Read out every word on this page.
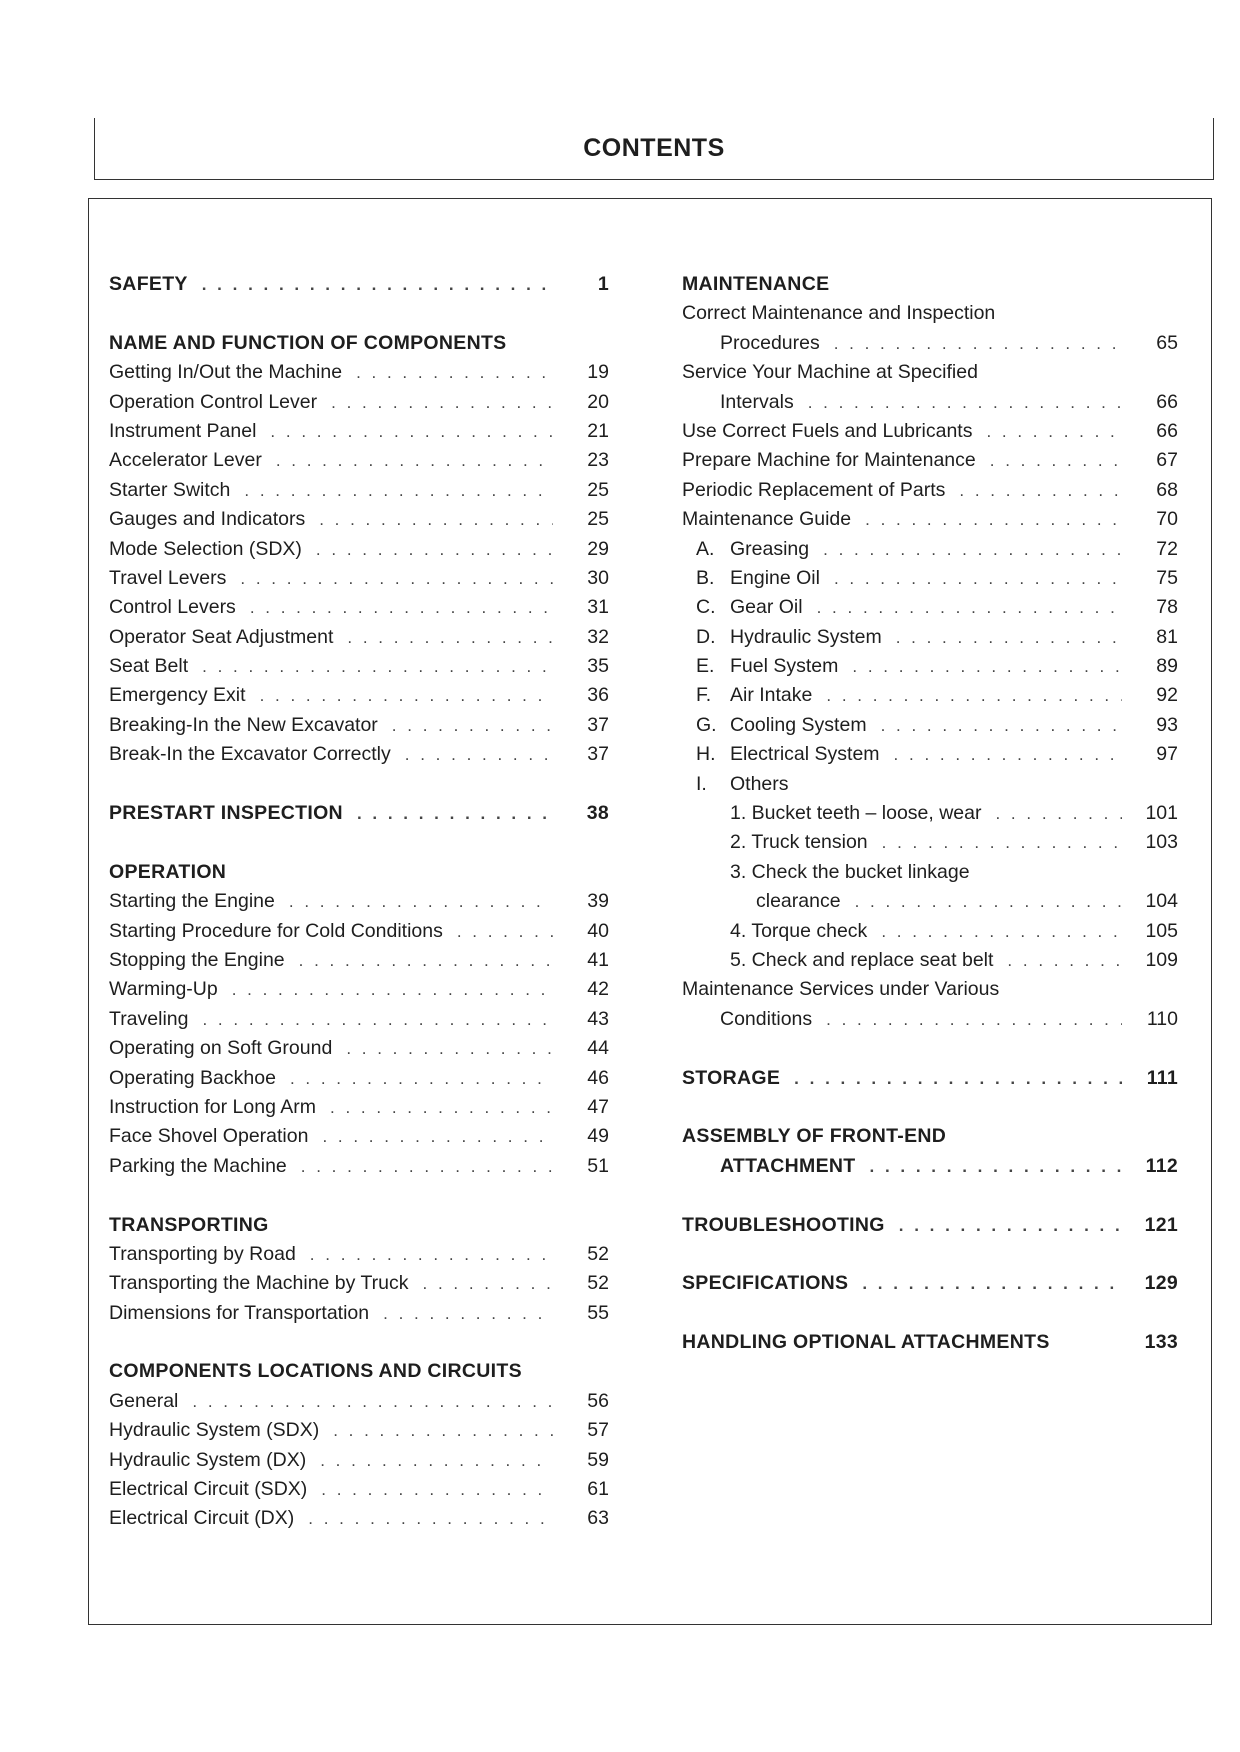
CONTENTS
SAFETY . . .	1
NAME AND FUNCTION OF COMPONENTS
Getting In/Out the Machine . . .	19
Operation Control Lever . . .	20
Instrument Panel . . .	21
Accelerator Lever . . .	23
Starter Switch . . .	25
Gauges and Indicators . . .	25
Mode Selection (SDX) . . .	29
Travel Levers . . .	30
Control Levers . . .	31
Operator Seat Adjustment . . .	32
Seat Belt . . .	35
Emergency Exit . . .	36
Breaking-In the New Excavator . . .	37
Break-In the Excavator Correctly . . .	37
PRESTART INSPECTION . . .	38
OPERATION
Starting the Engine . . .	39
Starting Procedure for Cold Conditions . . .	40
Stopping the Engine . . .	41
Warming-Up . . .	42
Traveling . . .	43
Operating on Soft Ground . . .	44
Operating Backhoe . . .	46
Instruction for Long Arm . . .	47
Face Shovel Operation . . .	49
Parking the Machine . . .	51
TRANSPORTING
Transporting by Road . . .	52
Transporting the Machine by Truck . . .	52
Dimensions for Transportation . . .	55
COMPONENTS LOCATIONS AND CIRCUITS
General . . .	56
Hydraulic System (SDX) . . .	57
Hydraulic System (DX) . . .	59
Electrical Circuit (SDX) . . .	61
Electrical Circuit (DX) . . .	63
MAINTENANCE
Correct Maintenance and Inspection
Procedures . . .	65
Service Your Machine at Specified
Intervals . . .	66
Use Correct Fuels and Lubricants . . .	66
Prepare Machine for Maintenance . . .	67
Periodic Replacement of Parts . . .	68
Maintenance Guide . . .	70
A. Greasing . . .	72
B. Engine Oil . . .	75
C. Gear Oil . . .	78
D. Hydraulic System . . .	81
E. Fuel System . . .	89
F. Air Intake . . .	92
G. Cooling System . . .	93
H. Electrical System . . .	97
I. Others
1. Bucket teeth – loose, wear . . .	101
2. Truck tension . . .	103
3. Check the bucket linkage
clearance . . .	104
4. Torque check . . .	105
5. Check and replace seat belt . . .	109
Maintenance Services under Various
Conditions . . .	110
STORAGE . . .	111
ASSEMBLY OF FRONT-END
ATTACHMENT . . .	112
TROUBLESHOOTING . . .	121
SPECIFICATIONS . . .	129
HANDLING OPTIONAL ATTACHMENTS	133
